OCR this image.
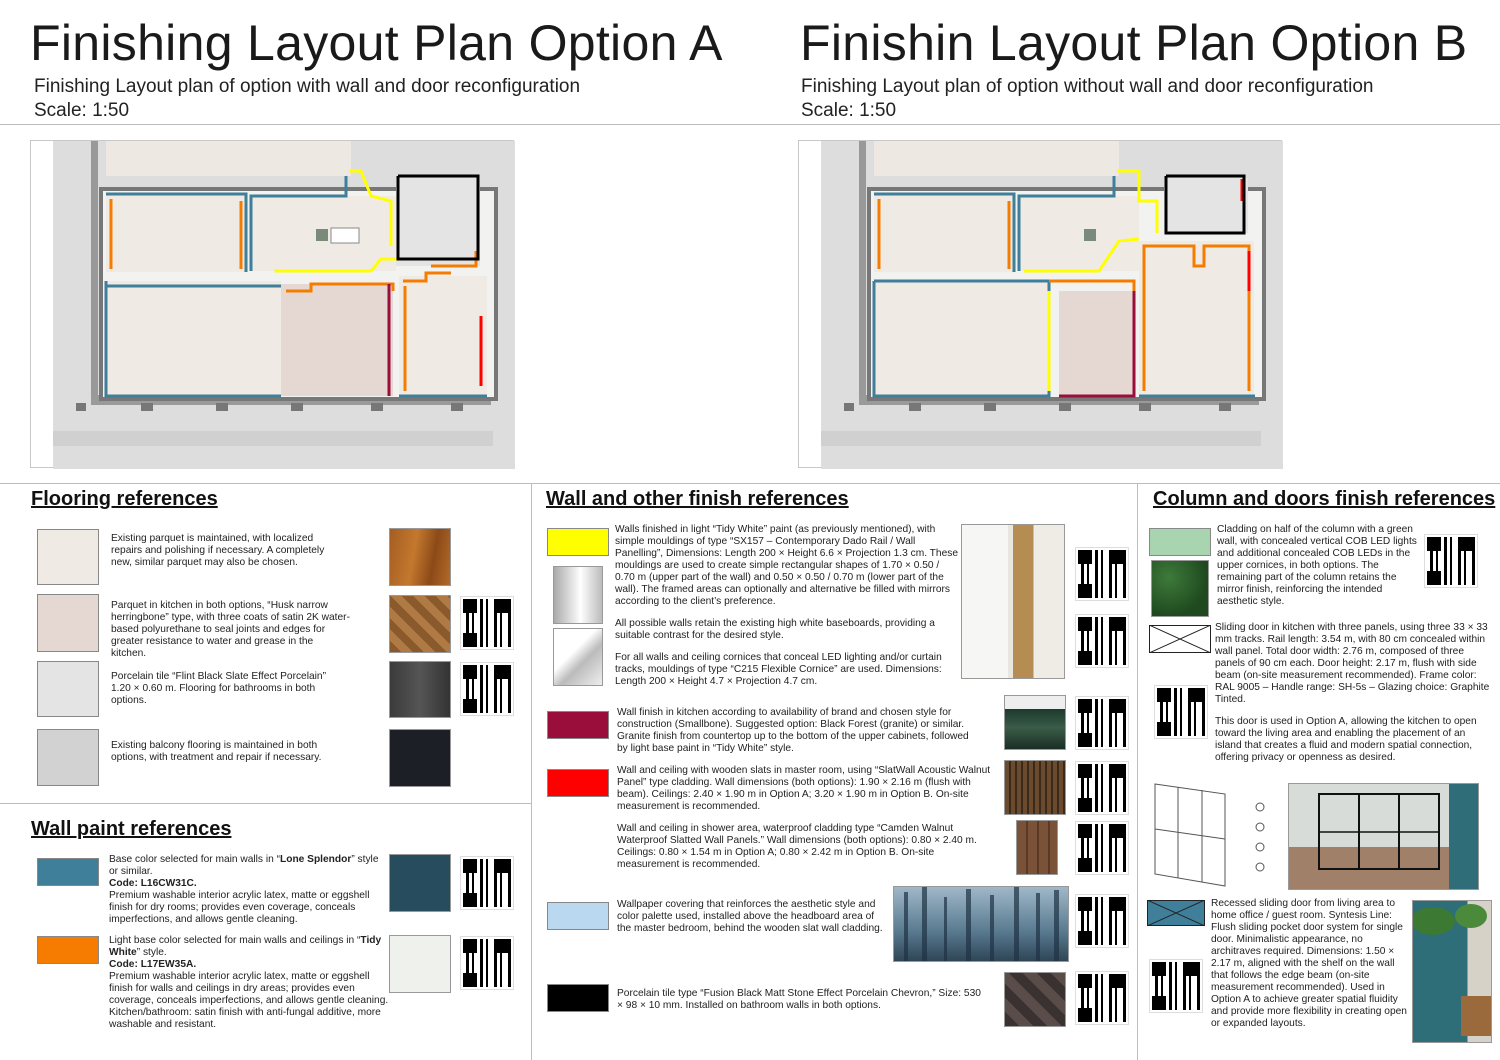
Finishing Layout Plan Option A
Finishing Layout plan of option with wall and door reconfiguration
Scale: 1:50
Finishin Layout Plan Option B
Finishing Layout plan of option without wall and door reconfiguration
Scale: 1:50
Flooring references
Existing parquet is maintained, with localized repairs and polishing if necessary. A completely new, similar parquet may also be chosen.
Parquet in kitchen in both options, “Husk narrow herringbone” type, with three coats of satin 2K water-based polyurethane to seal joints and edges for greater resistance to water and grease in the kitchen.
Porcelain tile “Flint Black Slate Effect Porcelain” 1.20 × 0.60 m. Flooring for bathrooms in both options.
Existing balcony flooring is maintained in both options, with treatment and repair if necessary.
Wall paint references
Base color selected for main walls in “Lone Splendor” style or similar.
Code: L16CW31C.
Premium washable interior acrylic latex, matte or eggshell finish for dry rooms; provides even coverage, conceals imperfections, and allows gentle cleaning.
Light base color selected for main walls and ceilings in “Tidy White” style.
Code: L17EW35A.
Premium washable interior acrylic latex, matte or eggshell finish for walls and ceilings in dry areas; provides even coverage, conceals imperfections, and allows gentle cleaning. Kitchen/bathroom: satin finish with anti-fungal additive, more washable and resistant.
Wall and other finish references
Walls finished in light “Tidy White” paint (as previously mentioned), with simple mouldings of type “SX157 – Contemporary Dado Rail / Wall Panelling”, Dimensions: Length 200 × Height 6.6 × Projection 1.3 cm. These mouldings are used to create simple rectangular shapes of 1.70 × 0.50 / 0.70 m (upper part of the wall) and 0.50 × 0.50 / 0.70 m (lower part of the wall). The framed areas can optionally and alternative be filled with mirrors according to the client’s preference.
All possible walls retain the existing high white baseboards, providing a suitable contrast for the desired style.
For all walls and ceiling cornices that conceal LED lighting and/or curtain tracks, mouldings of type “C215 Flexible Cornice” are used. Dimensions: Length 200 × Height 4.7 × Projection 4.7 cm.
Wall finish in kitchen according to availability of brand and chosen style for construction (Smallbone). Suggested option: Black Forest (granite) or similar. Granite finish from countertop up to the bottom of the upper cabinets, followed by light base paint in “Tidy White” style.
Wall and ceiling with wooden slats in master room, using “SlatWall Acoustic Walnut Panel” type cladding. Wall dimensions (both options): 1.90 × 2.16 m (flush with beam). Ceilings: 2.40 × 1.90 m in Option A; 3.20 × 1.90 m in Option B. On-site measurement is recommended.
Wall and ceiling in shower area, waterproof cladding type “Camden Walnut Waterproof Slatted Wall Panels.” Wall dimensions (both options): 0.80 × 2.40 m. Ceilings: 0.80 × 1.54 m in Option A; 0.80 × 2.42 m in Option B. On-site measurement is recommended.
Wallpaper covering that reinforces the aesthetic style and color palette used, installed above the headboard area of the master bedroom, behind the wooden slat wall cladding.
Porcelain tile type “Fusion Black Matt Stone Effect Porcelain Chevron,” Size: 530 × 98 × 10 mm. Installed on bathroom walls in both options.
Column and doors finish references
Cladding on half of the column with a green wall, with concealed vertical COB LED lights and additional concealed COB LEDs in the upper cornices, in both options. The remaining part of the column retains the mirror finish, reinforcing the intended aesthetic style.
Sliding door in kitchen with three panels, using three 33 × 33 mm tracks. Rail length: 3.54 m, with 80 cm concealed within wall panel. Total door width: 2.76 m, composed of three panels of 90 cm each. Door height: 2.17 m, flush with side beam (on-site measurement recommended). Frame color: RAL 9005 – Handle range: SH-5s – Glazing choice: Graphite Tinted.
This door is used in Option A, allowing the kitchen to open toward the living area and enabling the placement of an island that creates a fluid and modern spatial connection, offering privacy or openness as desired.
Recessed sliding door from living area to home office / guest room. Syntesis Line: Flush sliding pocket door system for single door. Minimalistic appearance, no architraves required. Dimensions: 1.50 × 2.17 m, aligned with the shelf on the wall that follows the edge beam (on-site measurement recommended). Used in Option A to achieve greater spatial fluidity and provide more flexibility in creating open or expanded layouts.
